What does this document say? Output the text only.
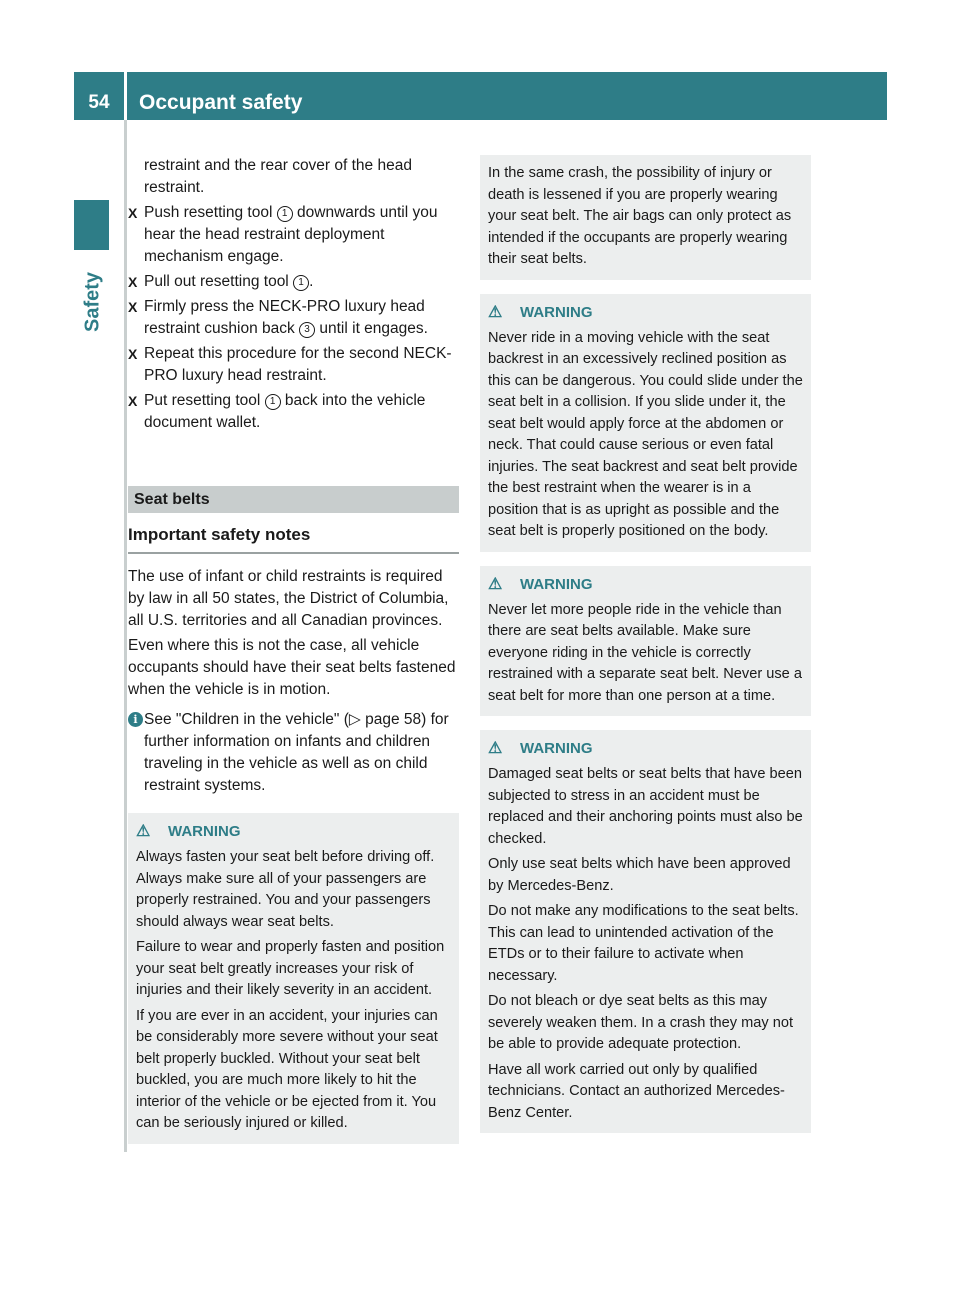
54	Occupant safety
Safety

restraint and the rear cover of the head restraint.

X Push resetting tool 1 downwards until you hear the head restraint deployment mechanism engage.
X Pull out resetting tool 1 .
X Firmly press the NECK-PRO luxury head restraint cushion back 3 until it engages.
X Repeat this procedure for the second NECK-PRO luxury head restraint.
X Put resetting tool 1 back into the vehicle document wallet.
Seat belts
Important safety notes

The use of infant or child restraints is required by law in all 50 states, the District of Columbia, all U.S. territories and all Canadian provinces.

Even where this is not the case, all vehicle occupants should have their seat belts fastened when the vehicle is in motion.

i See "Children in the vehicle" (▷ page 58) for further information on infants and children traveling in the vehicle as well as on child restraint systems.
⚠ WARNING

Always fasten your seat belt before driving off. Always make sure all of your passengers are properly restrained. You and your passengers should always wear seat belts.

Failure to wear and properly fasten and position your seat belt greatly increases your risk of injuries and their likely severity in an accident.

If you are ever in an accident, your injuries can be considerably more severe without your seat belt properly buckled. Without your seat belt buckled, you are much more likely to hit the interior of the vehicle or be ejected from it. You can be seriously injured or killed.

In the same crash, the possibility of injury or death is lessened if you are properly wearing your seat belt. The air bags can only protect as intended if the occupants are properly wearing their seat belts.

⚠ WARNING

Never ride in a moving vehicle with the seat backrest in an excessively reclined position as this can be dangerous. You could slide under the seat belt in a collision. If you slide under it, the seat belt would apply force at the abdomen or neck. That could cause serious or even fatal injuries. The seat backrest and seat belt provide the best restraint when the wearer is in a position that is as upright as possible and the seat belt is properly positioned on the body.

⚠ WARNING

Never let more people ride in the vehicle than there are seat belts available. Make sure everyone riding in the vehicle is correctly restrained with a separate seat belt. Never use a seat belt for more than one person at a time.

⚠ WARNING

Damaged seat belts or seat belts that have been subjected to stress in an accident must be replaced and their anchoring points must also be checked.

Only use seat belts which have been approved by Mercedes-Benz.

Do not make any modifications to the seat belts. This can lead to unintended activation of the ETDs or to their failure to activate when necessary.

Do not bleach or dye seat belts as this may severely weaken them. In a crash they may not be able to provide adequate protection.

Have all work carried out only by qualified technicians. Contact an authorized Mercedes-Benz Center.
